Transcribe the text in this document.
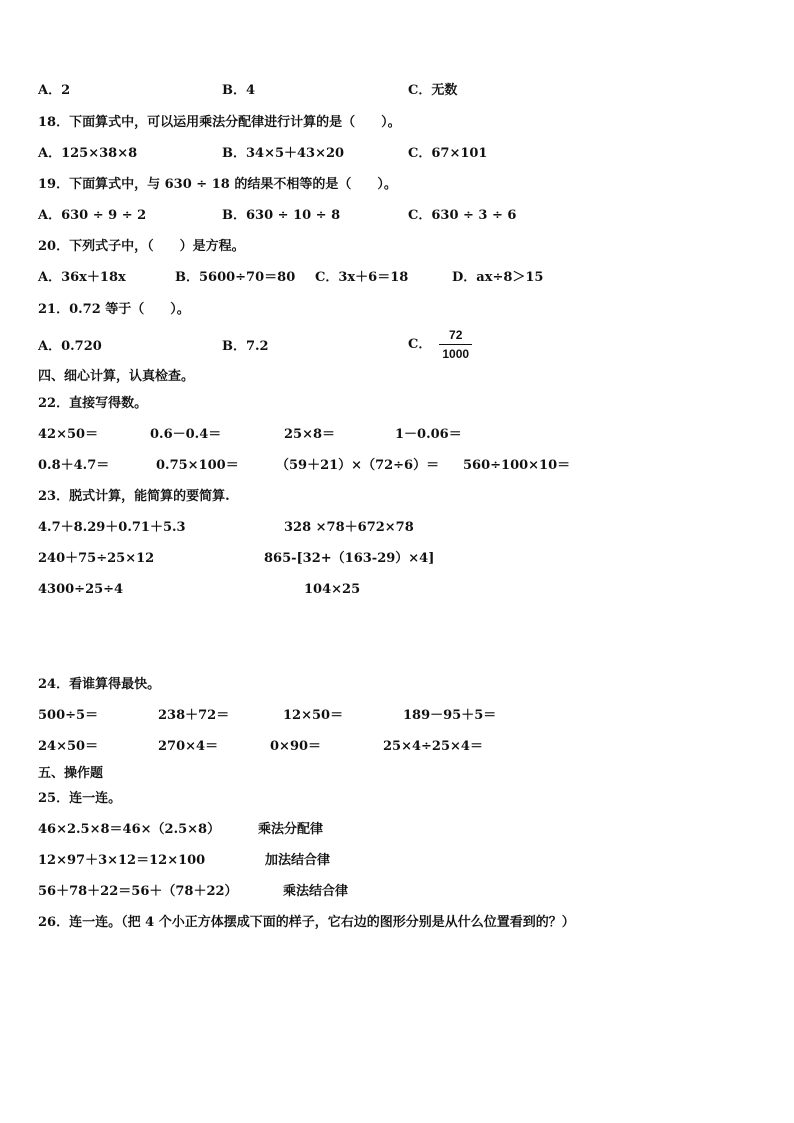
A．2	B．4	C．无数
18．下面算式中，可以运用乘法分配律进行计算的是（　　）。
A．125×38×8	B．34×5＋43×20	C．67×101
19．下面算式中，与 630 ÷ 18 的结果不相等的是（　　）。
A．630 ÷ 9 ÷ 2	B．630 ÷ 10 ÷ 8	C．630 ÷ 3 ÷ 6
20．下列式子中，（　　）是方程。
A．36x＋18x	B．5600÷70＝80 C．3x＋6＝18	D．ax÷8＞15
21．0.72 等于（　　）。
A．0.720	B．7.2	C． $\frac{72}{1000}$
四、细心计算，认真检查。
22．直接写得数。
42×50＝	0.6－0.4＝	25×8＝	1－0.06＝
0.8＋4.7＝	0.75×100＝	（59＋21）×（72÷6）＝ 560÷100×10＝
23．脱式计算，能简算的要简算.
4.7＋8.29＋0.71＋5.3	328 ×78＋672×78
240＋75÷25×12	865-[32+（163-29）×4]
4300÷25÷4	104×25
24．看谁算得最快。
500÷5＝	238＋72＝	12×50＝	189－95＋5＝
24×50＝	270×4＝	0×90＝	25×4÷25×4＝
五、操作题
25．连一连。
46×2.5×8＝46×（2.5×8）	乘法分配律
12×97＋3×12＝12×100	加法结合律
56＋78＋22＝56＋（78＋22）	乘法结合律
26．连一连。（把 4 个小正方体摆成下面的样子，它右边的图形分别是从什么位置看到的？）
